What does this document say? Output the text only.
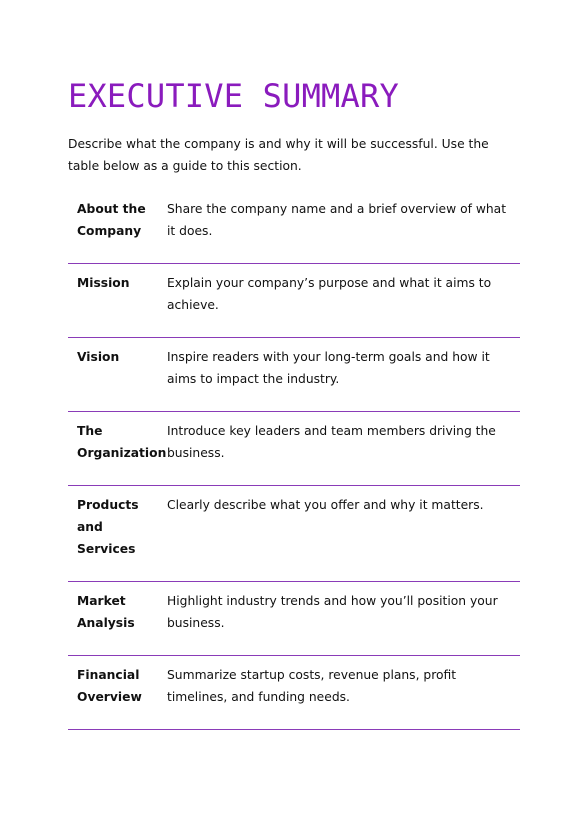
EXECUTIVE SUMMARY

Describe what the company is and why it will be successful. Use the table below as a guide to this section.

About the Company	Share the company name and a brief overview of what it does.

Mission	Explain your company’s purpose and what it aims to achieve.

Vision	Inspire readers with your long-term goals and how it aims to impact the industry.

The Organization	Introduce key leaders and team members driving the business.

Products and Services	Clearly describe what you offer and why it matters.

Market Analysis	Highlight industry trends and how you’ll position your business.

Financial Overview	Summarize startup costs, revenue plans, profit timelines, and funding needs.
